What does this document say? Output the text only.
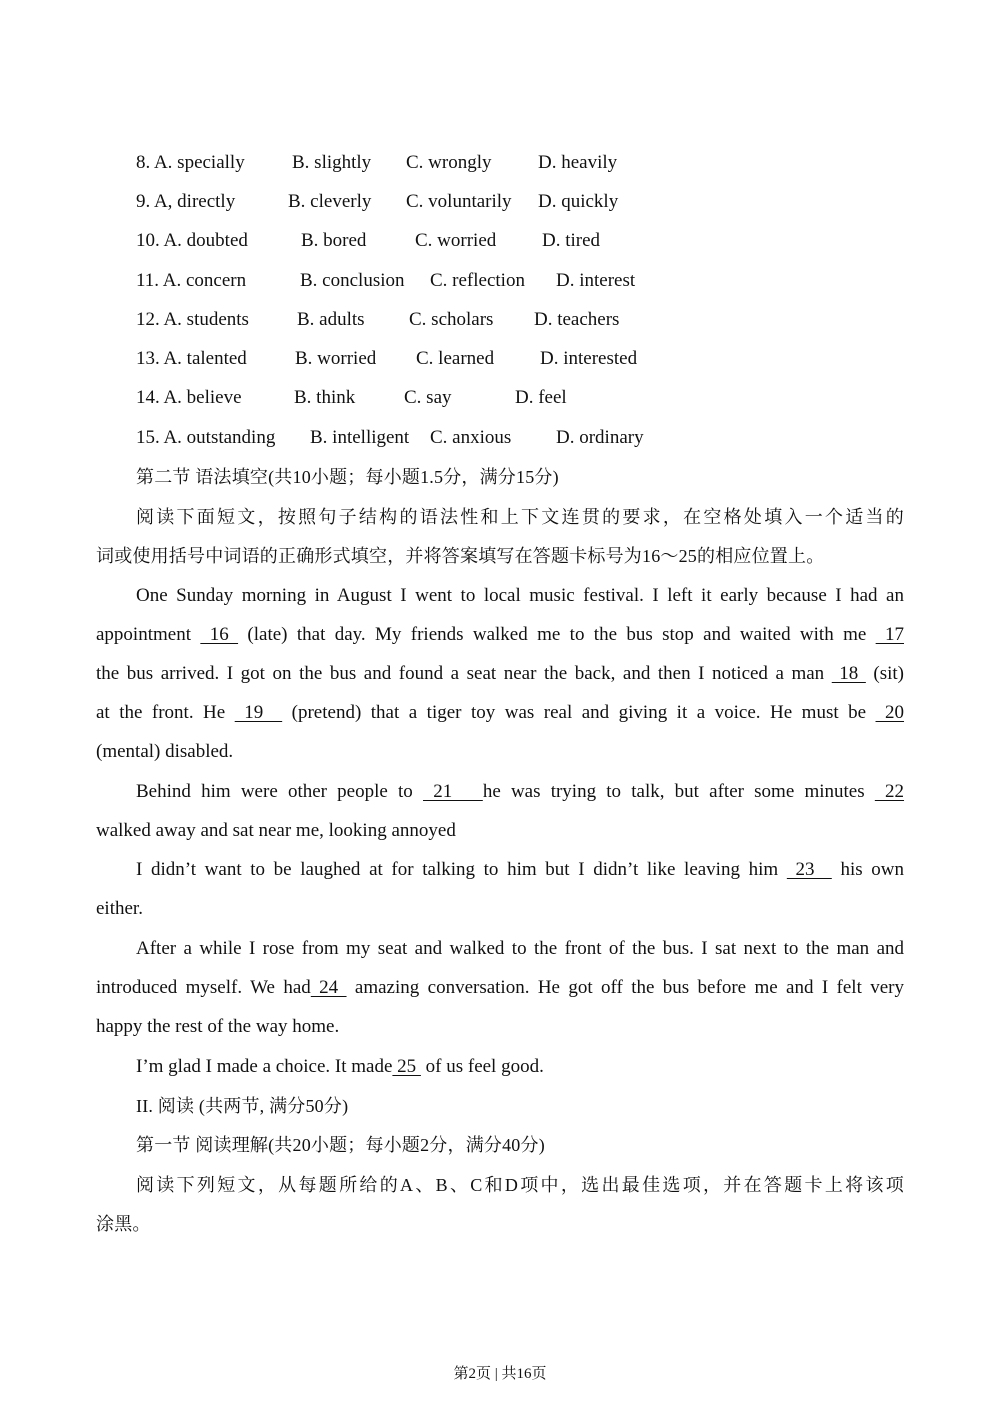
8. A. specially B. slightly C. wrongly D. heavily
9. A, directly	B. cleverly C. voluntarily D. quickly
10. A. doubted	B. bored	C. worried D. tired
11. A. concern	B. conclusion C. reflection D. interest
12. A. students	B. adults C. scholars D. teachers
13. A. talented	B. worried C. learned D. interested
14. A. believe	B. think	C. say	D. feel
15. A. outstanding B. intelligent C. anxious D. ordinary
第二节 语法填空(共10小题；每小题1.5分，满分15分)
阅读下面短文，按照句子结构的语法性和上下文连贯的要求，在空格处填入一个适当的
词或使用括号中词语的正确形式填空，并将答案填写在答题卡标号为16～25的相应位置上。
One Sunday morning in August I went to local music festival. I left it early because I had an
appointment  16  (late) that day. My friends walked me to the bus stop and waited with me  17
the bus arrived. I got on the bus and found a seat near the back, and then I noticed a man  18  (sit)
at the front. He  19   (pretend) that a tiger toy was real and giving it a voice. He must be  20
(mental) disabled.
Behind him were other people to  21   he was trying to talk, but after some minutes  22
walked away and sat near me, looking annoyed
I didn’t want to be laughed at for talking to him but I didn’t like leaving him  23   his own
either.
After a while I rose from my seat and walked to the front of the bus. I sat next to the man and
introduced myself. We had 24  amazing conversation. He got off the bus before me and I felt very
happy the rest of the way home.
I’m glad I made a choice. It made 25  of us feel good.
II. 阅读 (共两节, 满分50分)
第一节 阅读理解(共20小题；每小题2分，满分40分)
阅读下列短文，从每题所给的A、B、C和D项中，选出最佳选项，并在答题卡上将该项
涂黑。
第2页 | 共16页
